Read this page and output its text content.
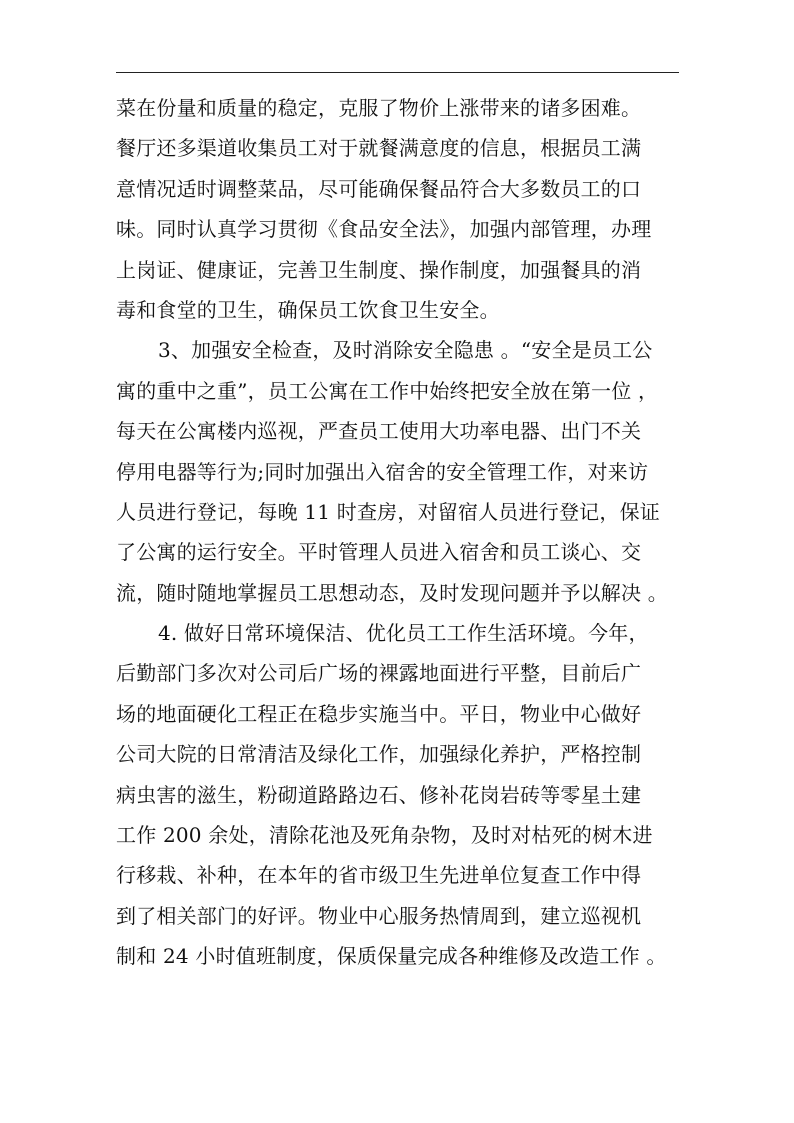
菜在份量和质量的稳定，克服了物价上涨带来的诸多困难。
餐厅还多渠道收集员工对于就餐满意度的信息，根据员工满
意情况适时调整菜品，尽可能确保餐品符合大多数员工的口
味。同时认真学习贯彻《食品安全法》，加强内部管理，办理
上岗证、健康证，完善卫生制度、操作制度，加强餐具的消
毒和食堂的卫生，确保员工饮食卫生安全。
3、加强安全检查，及时消除安全隐患 。“安全是员工公
寓的重中之重”，员工公寓在工作中始终把安全放在第一位 ，
每天在公寓楼内巡视，严查员工使用大功率电器、出门不关
停用电器等行为;同时加强出入宿舍的安全管理工作，对来访
人员进行登记，每晚 11 时查房，对留宿人员进行登记，保证
了公寓的运行安全。平时管理人员进入宿舍和员工谈心、交
流，随时随地掌握员工思想动态，及时发现问题并予以解决 。
4. 做好日常环境保洁、优化员工工作生活环境。今年，
后勤部门多次对公司后广场的裸露地面进行平整，目前后广
场的地面硬化工程正在稳步实施当中。平日，物业中心做好
公司大院的日常清洁及绿化工作，加强绿化养护，严格控制
病虫害的滋生，粉砌道路路边石、修补花岗岩砖等零星土建
工作 200 余处，清除花池及死角杂物，及时对枯死的树木进
行移栽、补种，在本年的省市级卫生先进单位复查工作中得
到了相关部门的好评。物业中心服务热情周到，建立巡视机
制和 24 小时值班制度，保质保量完成各种维修及改造工作 。
